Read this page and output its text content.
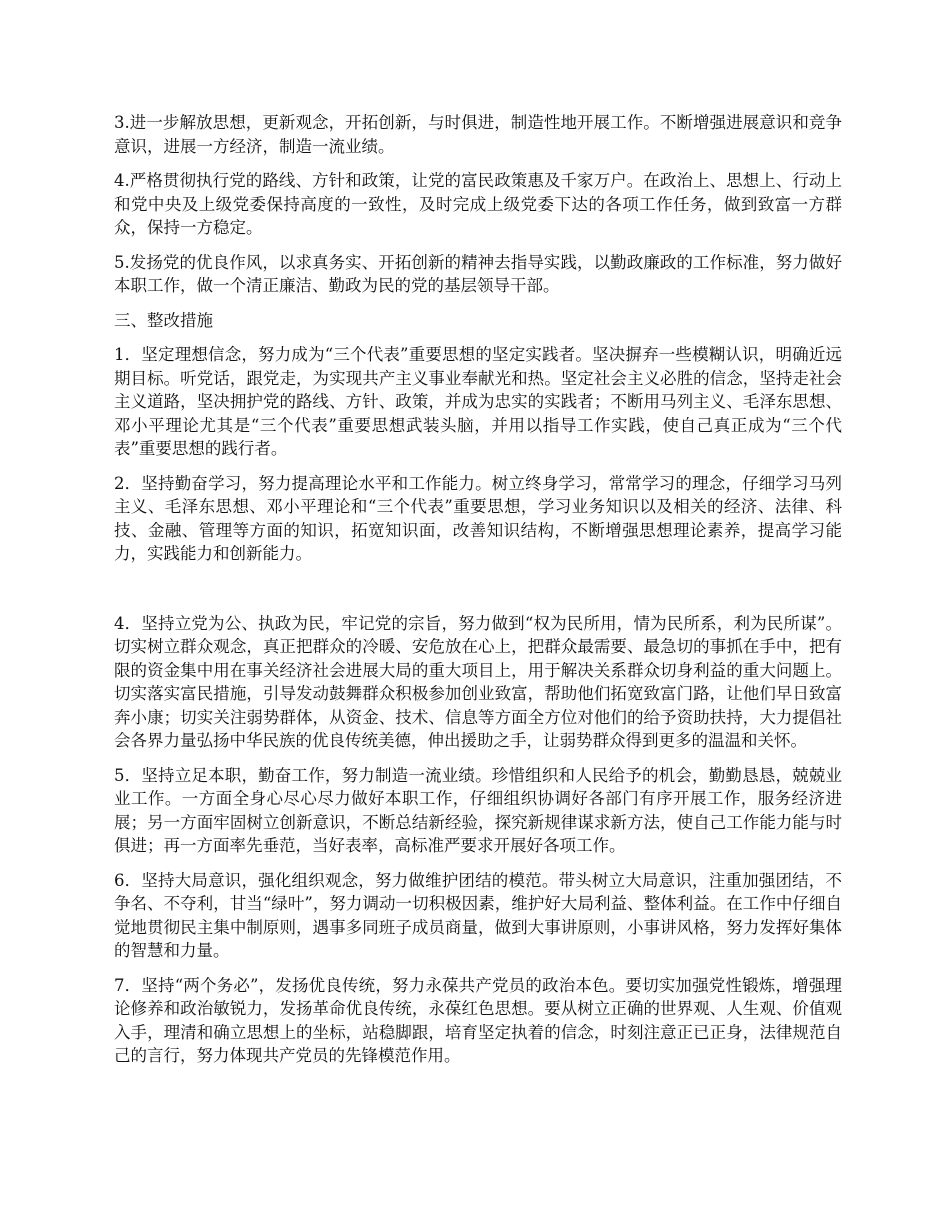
3.进一步解放思想，更新观念，开拓创新，与时俱进，制造性地开展工作。不断增强进展意识和竞争意识，进展一方经济，制造一流业绩。

4.严格贯彻执行党的路线、方针和政策，让党的富民政策惠及千家万户。在政治上、思想上、行动上和党中央及上级党委保持高度的一致性，及时完成上级党委下达的各项工作任务，做到致富一方群众，保持一方稳定。

5.发扬党的优良作风，以求真务实、开拓创新的精神去指导实践，以勤政廉政的工作标准，努力做好本职工作，做一个清正廉洁、勤政为民的党的基层领导干部。

三、整改措施

1．坚定理想信念，努力成为“三个代表”重要思想的坚定实践者。坚决摒弃一些模糊认识，明确近远期目标。听党话，跟党走，为实现共产主义事业奉献光和热。坚定社会主义必胜的信念，坚持走社会主义道路，坚决拥护党的路线、方针、政策，并成为忠实的实践者；不断用马列主义、毛泽东思想、邓小平理论尤其是“三个代表”重要思想武装头脑，并用以指导工作实践，使自己真正成为“三个代表”重要思想的践行者。

2．坚持勤奋学习，努力提高理论水平和工作能力。树立终身学习，常常学习的理念，仔细学习马列主义、毛泽东思想、邓小平理论和“三个代表”重要思想，学习业务知识以及相关的经济、法律、科技、金融、管理等方面的知识，拓宽知识面，改善知识结构，不断增强思想理论素养，提高学习能力，实践能力和创新能力。

4．坚持立党为公、执政为民，牢记党的宗旨，努力做到“权为民所用，情为民所系，利为民所谋”。切实树立群众观念，真正把群众的冷暖、安危放在心上，把群众最需要、最急切的事抓在手中，把有限的资金集中用在事关经济社会进展大局的重大项目上，用于解决关系群众切身利益的重大问题上。切实落实富民措施，引导发动鼓舞群众积极参加创业致富，帮助他们拓宽致富门路，让他们早日致富奔小康；切实关注弱势群体，从资金、技术、信息等方面全方位对他们的给予资助扶持，大力提倡社会各界力量弘扬中华民族的优良传统美德，伸出援助之手，让弱势群众得到更多的温温和关怀。

5．坚持立足本职，勤奋工作，努力制造一流业绩。珍惜组织和人民给予的机会，勤勤恳恳，兢兢业业工作。一方面全身心尽心尽力做好本职工作，仔细组织协调好各部门有序开展工作，服务经济进展；另一方面牢固树立创新意识，不断总结新经验，探究新规律谋求新方法，使自己工作能力能与时俱进；再一方面率先垂范，当好表率，高标准严要求开展好各项工作。

6．坚持大局意识，强化组织观念，努力做维护团结的模范。带头树立大局意识，注重加强团结，不争名、不夺利，甘当“绿叶”，努力调动一切积极因素，维护好大局利益、整体利益。在工作中仔细自觉地贯彻民主集中制原则，遇事多同班子成员商量，做到大事讲原则，小事讲风格，努力发挥好集体的智慧和力量。

7．坚持“两个务必”，发扬优良传统，努力永葆共产党员的政治本色。要切实加强党性锻炼，增强理论修养和政治敏锐力，发扬革命优良传统，永葆红色思想。要从树立正确的世界观、人生观、价值观入手，理清和确立思想上的坐标，站稳脚跟，培育坚定执着的信念，时刻注意正已正身，法律规范自己的言行，努力体现共产党员的先锋模范作用。
